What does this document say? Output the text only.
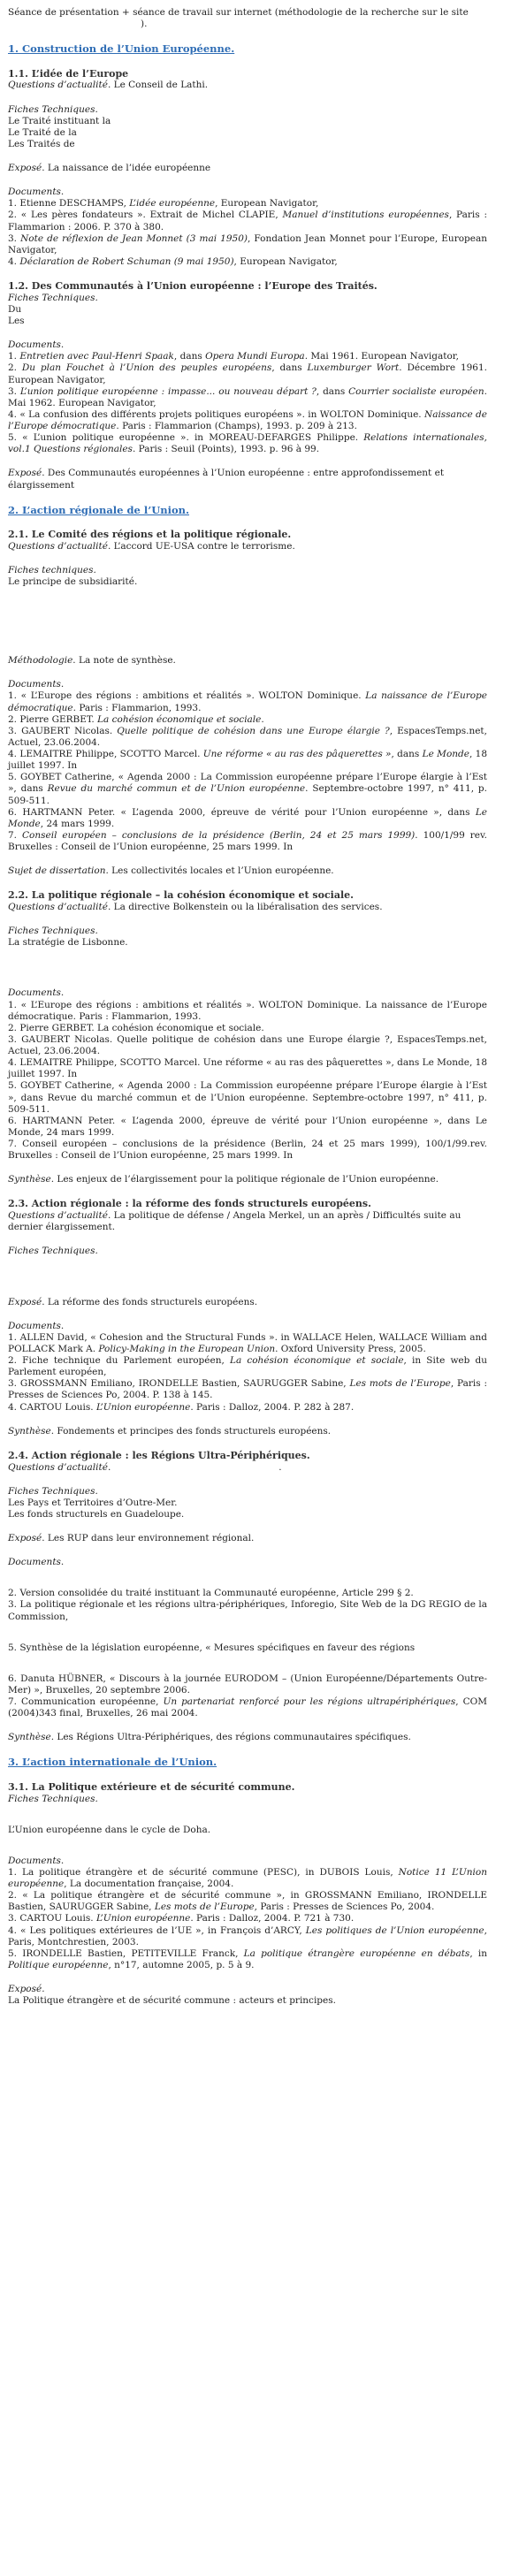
Séance de présentation + séance de travail sur internet (méthodologie de la recherche sur le site

).

1. Construction de l’Union Européenne.

1.1. L’idée de l’Europe

Questions d’actualité. Le Conseil de Lathi.

Fiches Techniques.

Le Traité instituant la

Le Traité de la

Les Traités de

Exposé. La naissance de l’idée européenne

Documents.

1. Etienne DESCHAMPS, L’idée européenne, European Navigator,

2. « Les pères fondateurs ». Extrait de Michel CLAPIE, Manuel d’institutions européennes, Paris : Flammarion : 2006. P. 370 à 380.

3. Note de réflexion de Jean Monnet (3 mai 1950), Fondation Jean Monnet pour l’Europe, European Navigator,

4. Déclaration de Robert Schuman (9 mai 1950), European Navigator,

1.2. Des Communautés à l’Union européenne : l’Europe des Traités.

Fiches Techniques.

Du

Les

Documents.

1. Entretien avec Paul-Henri Spaak, dans Opera Mundi Europa. Mai 1961. European Navigator,

2. Du plan Fouchet à l’Union des peuples européens, dans Luxemburger Wort. Décembre 1961. European Navigator,

3. L’union politique européenne : impasse... ou nouveau départ ?, dans Courrier socialiste européen. Mai 1962. European Navigator,

4. « La confusion des différents projets politiques européens ». in WOLTON Dominique. Naissance de l’Europe démocratique. Paris : Flammarion (Champs), 1993. p. 209 à 213.

5. « L’union politique européenne ». in MOREAU-DEFARGES Philippe. Relations internationales, vol.1 Questions régionales. Paris : Seuil (Points), 1993. p. 96 à 99.

Exposé. Des Communautés européennes à l’Union européenne : entre approfondissement et élargissement

2. L’action régionale de l’Union.

2.1. Le Comité des régions et la politique régionale.

Questions d’actualité. L’accord UE-USA contre le terrorisme.

Fiches techniques.

Le principe de subsidiarité.

Méthodologie. La note de synthèse.

Documents.

1. « L’Europe des régions : ambitions et réalités ». WOLTON Dominique. La naissance de l’Europe démocratique. Paris : Flammarion, 1993.

2. Pierre GERBET. La cohésion économique et sociale.

3. GAUBERT Nicolas. Quelle politique de cohésion dans une Europe élargie ?, EspacesTemps.net, Actuel, 23.06.2004.

4. LEMAITRE Philippe, SCOTTO Marcel. Une réforme « au ras des pâquerettes », dans Le Monde, 18 juillet 1997. In

5. GOYBET Catherine, « Agenda 2000 : La Commission européenne prépare l’Europe élargie à l’Est », dans Revue du marché commun et de l’Union européenne. Septembre-octobre 1997, n° 411, p. 509-511.

6. HARTMANN Peter. « L’agenda 2000, épreuve de vérité pour l’Union européenne », dans Le Monde, 24 mars 1999.

7. Conseil européen – conclusions de la présidence (Berlin, 24 et 25 mars 1999). 100/1/99 rev. Bruxelles : Conseil de l’Union européenne, 25 mars 1999. In

Sujet de dissertation. Les collectivités locales et l’Union européenne.

2.2. La politique régionale – la cohésion économique et sociale.

Questions d’actualité. La directive Bolkenstein ou la libéralisation des services.

Fiches Techniques.

La stratégie de Lisbonne.

Documents.

1. « L’Europe des régions : ambitions et réalités ». WOLTON Dominique. La naissance de l’Europe démocratique. Paris : Flammarion, 1993.

2. Pierre GERBET. La cohésion économique et sociale.

3. GAUBERT Nicolas. Quelle politique de cohésion dans une Europe élargie ?, EspacesTemps.net, Actuel, 23.06.2004.

4. LEMAITRE Philippe, SCOTTO Marcel. Une réforme « au ras des pâquerettes », dans Le Monde, 18 juillet 1997. In

5. GOYBET Catherine, « Agenda 2000 : La Commission européenne prépare l’Europe élargie à l’Est », dans Revue du marché commun et de l’Union européenne. Septembre-octobre 1997, n° 411, p. 509-511.

6. HARTMANN Peter. « L’agenda 2000, épreuve de vérité pour l’Union européenne », dans Le Monde, 24 mars 1999.

7. Conseil européen – conclusions de la présidence (Berlin, 24 et 25 mars 1999), 100/1/99.rev. Bruxelles : Conseil de l’Union européenne, 25 mars 1999. In

Synthèse. Les enjeux de l’élargissement pour la politique régionale de l’Union européenne.

2.3. Action régionale : la réforme des fonds structurels européens.

Questions d’actualité. La politique de défense / Angela Merkel, un an après / Difficultés suite au dernier élargissement.

Fiches Techniques.

Exposé. La réforme des fonds structurels européens.

Documents.

1. ALLEN David, « Cohesion and the Structural Funds ». in WALLACE Helen, WALLACE William and POLLACK Mark A. Policy-Making in the European Union. Oxford University Press, 2005.

2. Fiche technique du Parlement européen, La cohésion économique et sociale, in Site web du Parlement européen,

3. GROSSMANN Emiliano, IRONDELLE Bastien, SAURUGGER Sabine, Les mots de l’Europe, Paris : Presses de Sciences Po, 2004. P. 138 à 145.

4. CARTOU Louis. L’Union européenne. Paris : Dalloz, 2004. P. 282 à 287.

Synthèse. Fondements et principes des fonds structurels européens.

2.4. Action régionale : les Régions Ultra-Périphériques.

Questions d’actualité.	.

Fiches Techniques.

Les Pays et Territoires d’Outre-Mer.

Les fonds structurels en Guadeloupe.

Exposé. Les RUP dans leur environnement régional.

Documents.

2. Version consolidée du traité instituant la Communauté européenne, Article 299 § 2.

3. La politique régionale et les régions ultra-périphériques, Inforegio, Site Web de la DG REGIO de la Commission,

5. Synthèse de la législation européenne, « Mesures spécifiques en faveur des régions

6. Danuta HÜBNER, « Discours à la journée EURODOM – (Union Européenne/Départements Outre-Mer) », Bruxelles, 20 septembre 2006.

7. Communication européenne, Un partenariat renforcé pour les régions ultrapériphériques, COM (2004)343 final, Bruxelles, 26 mai 2004.

Synthèse. Les Régions Ultra-Périphériques, des régions communautaires spécifiques.

3. L’action internationale de l’Union.

3.1. La Politique extérieure et de sécurité commune.

Fiches Techniques.

L’Union européenne dans le cycle de Doha.

Documents.

1. La politique étrangère et de sécurité commune (PESC), in DUBOIS Louis, Notice 11 L’Union européenne, La documentation française, 2004.

2. « La politique étrangère et de sécurité commune », in GROSSMANN Emiliano, IRONDELLE Bastien, SAURUGGER Sabine, Les mots de l’Europe, Paris : Presses de Sciences Po, 2004.

3. CARTOU Louis. L’Union européenne. Paris : Dalloz, 2004. P. 721 à 730.

4. « Les politiques extérieures de l’UE », in François d’ARCY, Les politiques de l’Union européenne, Paris, Montchrestien, 2003.

5. IRONDELLE Bastien, PETITEVILLE Franck, La politique étrangère européenne en débats, in Politique européenne, n°17, automne 2005, p. 5 à 9.

Exposé.

La Politique étrangère et de sécurité commune : acteurs et principes.
